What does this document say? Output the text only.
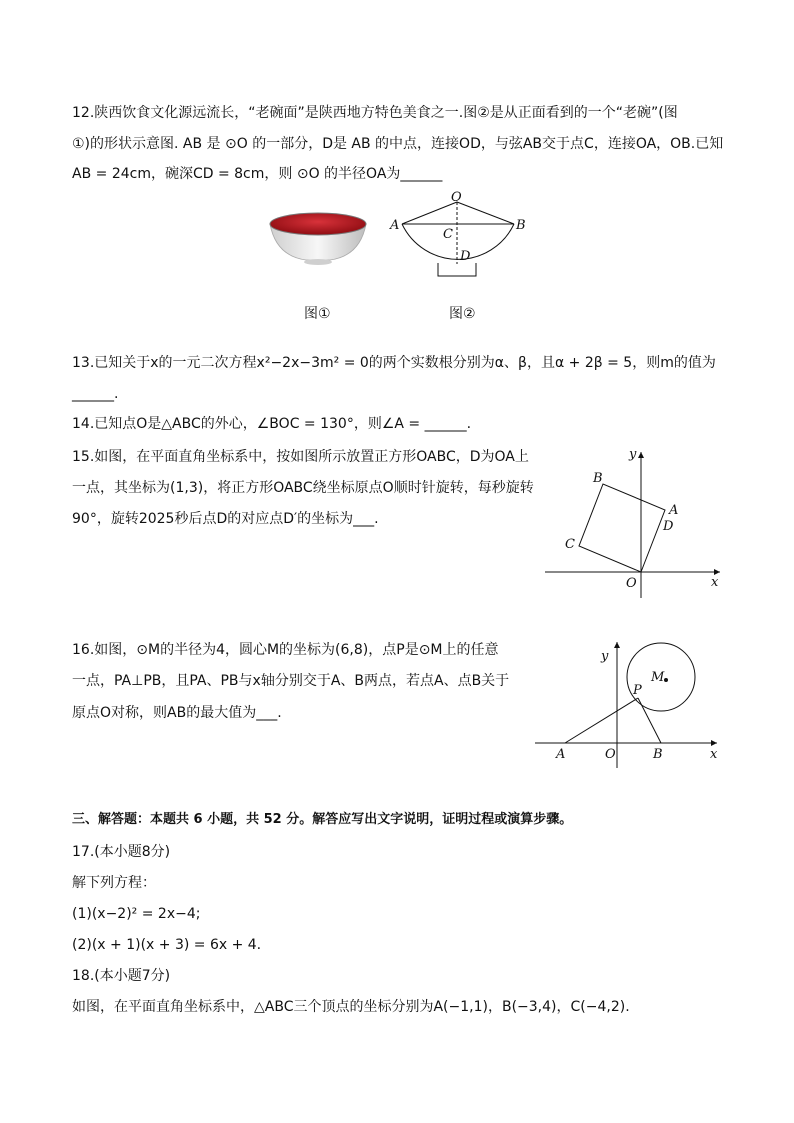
12.陕西饮食文化源远流长，“老碗面”是陕西地方特色美食之一.图②是从正面看到的一个“老碗”(图
①)的形状示意图. AB 是 ⊙O 的一部分，D是 AB 的中点，连接OD，与弦AB交于点C，连接OA，OB.已知
AB = 24cm，碗深CD = 8cm，则 ⊙O 的半径OA为______
图①
O
A	B
C
D
图②
13.已知关于x的一元二次方程x²−2x−3m² = 0的两个实数根分别为α、β，且α + 2β = 5，则m的值为
______.
14.已知点O是△ABC的外心，∠BOC = 130°，则∠A = ______.
15.如图，在平面直角坐标系中，按如图所示放置正方形OABC，D为OA上
一点，其坐标为(1,3)，将正方形OABC绕坐标原点O顺时针旋转，每秒旋转
90°，旋转2025秒后点D的对应点D′的坐标为___.
x
y
O
A
B
C
D
16.如图，⊙M的半径为4，圆心M的坐标为(6,8)，点P是⊙M上的任意
一点，PA⊥PB，且PA、PB与x轴分别交于A、B两点，若点A、点B关于
原点O对称，则AB的最大值为___.
x
y
O
A	B
P
M
三、解答题：本题共 6 小题，共 52 分。解答应写出文字说明，证明过程或演算步骤。
17.(本小题8分)
解下列方程：
(1)(x−2)² = 2x−4;
(2)(x + 1)(x + 3) = 6x + 4.
18.(本小题7分)
如图，在平面直角坐标系中，△ABC三个顶点的坐标分别为A(−1,1)，B(−3,4)，C(−4,2).
